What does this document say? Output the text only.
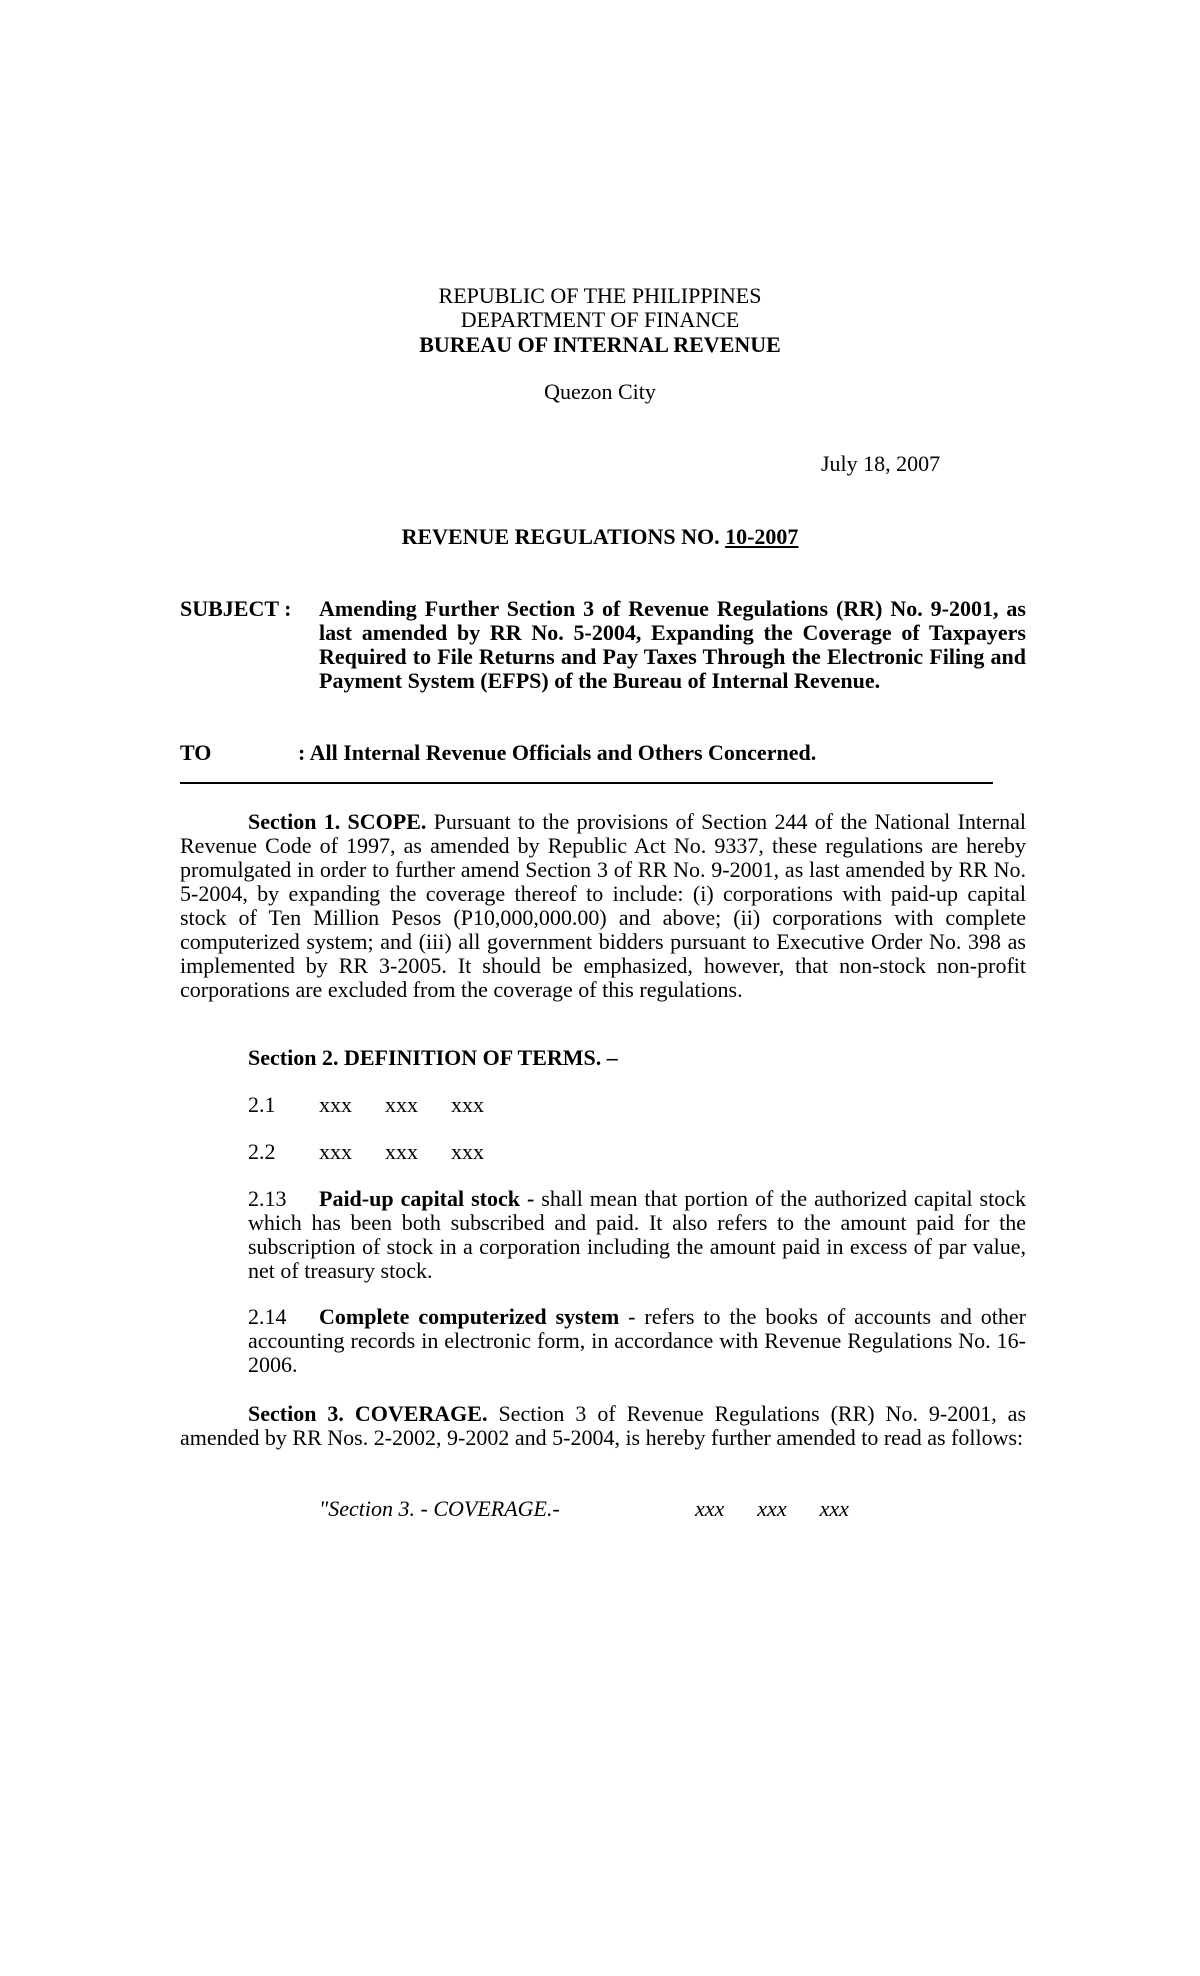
REPUBLIC OF THE PHILIPPINES
DEPARTMENT OF FINANCE
BUREAU OF INTERNAL REVENUE
Quezon City
July 18, 2007
REVENUE REGULATIONS NO. 10-2007
SUBJECT : Amending Further Section 3 of Revenue Regulations (RR) No. 9-2001, as last amended by RR No. 5-2004, Expanding the Coverage of Taxpayers Required to File Returns and Pay Taxes Through the Electronic Filing and Payment System (EFPS) of the Bureau of Internal Revenue.
TO	: All Internal Revenue Officials and Others Concerned.
Section 1. SCOPE. Pursuant to the provisions of Section 244 of the National Internal Revenue Code of 1997, as amended by Republic Act No. 9337, these regulations are hereby promulgated in order to further amend Section 3 of RR No. 9-2001, as last amended by RR No. 5-2004, by expanding the coverage thereof to include: (i) corporations with paid-up capital stock of Ten Million Pesos (P10,000,000.00) and above; (ii) corporations with complete computerized system; and (iii) all government bidders pursuant to Executive Order No. 398 as implemented by RR 3-2005. It should be emphasized, however, that non-stock non-profit corporations are excluded from the coverage of this regulations.
Section 2. DEFINITION OF TERMS. –
2.1 xxx      xxx      xxx
2.2 xxx      xxx      xxx
2.13 Paid-up capital stock - shall mean that portion of the authorized capital stock which has been both subscribed and paid. It also refers to the amount paid for the subscription of stock in a corporation including the amount paid in excess of par value, net of treasury stock.
2.14 Complete computerized system - refers to the books of accounts and other accounting records in electronic form, in accordance with Revenue Regulations No. 16-2006.
Section 3. COVERAGE. Section 3 of Revenue Regulations (RR) No. 9-2001, as amended by RR Nos. 2-2002, 9-2002 and 5-2004, is hereby further amended to read as follows:
"Section 3. - COVERAGE.-	xxx      xxx      xxx
